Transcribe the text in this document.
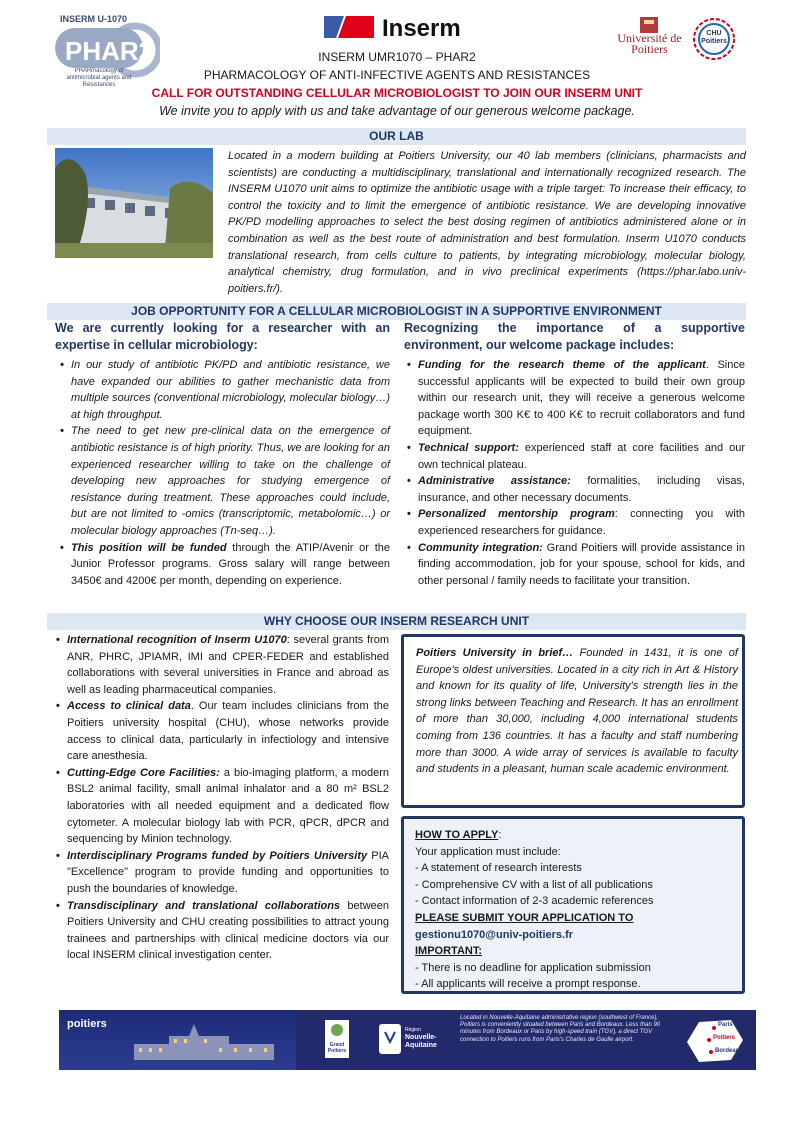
INSERM U-1070
PHAR2
PHARmacology of antimicrobial agents and Resistances
Inserm	Université de Poitiers
CHU Poitiers
INSERM UMR1070 – PHAR2
PHARMACOLOGY OF ANTI-INFECTIVE AGENTS AND RESISTANCES
CALL FOR OUTSTANDING CELLULAR MICROBIOLOGIST TO JOIN OUR INSERM UNIT
We invite you to apply with us and take advantage of our generous welcome package.
OUR LAB
Located in a modern building at Poitiers University, our 40 lab members (clinicians, pharmacists and scientists) are conducting a multidisciplinary, translational and internationally recognized research. The INSERM U1070 unit aims to optimize the antibiotic usage with a triple target: To increase their efficacy, to control the toxicity and to limit the emergence of antibiotic resistance. We are developing innovative PK/PD modelling approaches to select the best dosing regimen of antibiotics administered alone or in combination as well as the best route of administration and best formulation. Inserm U1070 conducts translational research, from cells culture to patients, by integrating microbiology, molecular biology, analytical chemistry, drug formulation, and in vivo preclinical experiments (https://phar.labo.univ-poitiers.fr/).
JOB OPPORTUNITY FOR A CELLULAR MICROBIOLOGIST IN A SUPPORTIVE ENVIRONMENT
We are currently looking for a researcher with an expertise in cellular microbiology:
• In our study of antibiotic PK/PD and antibiotic resistance, we have expanded our abilities to gather mechanistic data from multiple sources (conventional microbiology, molecular biology…) at high throughput.
• The need to get new pre-clinical data on the emergence of antibiotic resistance is of high priority. Thus, we are looking for an experienced researcher willing to take on the challenge of developing new approaches for studying emergence of resistance during treatment. These approaches could include, but are not limited to -omics (transcriptomic, metabolomic…) or molecular biology approaches (Tn-seq…).
• This position will be funded through the ATIP/Avenir or the Junior Professor programs. Gross salary will range between 3450€ and 4200€ per month, depending on experience.
Recognizing the importance of a supportive environment, our welcome package includes:
• Funding for the research theme of the applicant. Since successful applicants will be expected to build their own group within our research unit, they will receive a generous welcome package worth 300 K€ to 400 K€ to recruit collaborators and fund equipment.
• Technical support: experienced staff at core facilities and our own technical plateau.
• Administrative assistance: formalities, including visas, insurance, and other necessary documents.
• Personalized mentorship program: connecting you with experienced researchers for guidance.
• Community integration: Grand Poitiers will provide assistance in finding accommodation, job for your spouse, school for kids, and other personal / family needs to facilitate your transition.
WHY CHOOSE OUR INSERM RESEARCH UNIT
• International recognition of Inserm U1070: several grants from ANR, PHRC, JPIAMR, IMI and CPER-FEDER and established collaborations with several universities in France and abroad as well as leading pharmaceutical companies.
• Access to clinical data. Our team includes clinicians from the Poitiers university hospital (CHU), whose networks provide access to clinical data, particularly in infectiology and intensive care anesthesia.
• Cutting-Edge Core Facilities: a bio-imaging platform, a modern BSL2 animal facility, small animal inhalator and a 80 m² BSL2 laboratories with all needed equipment and a dedicated flow cytometer. A molecular biology lab with PCR, qPCR, dPCR and sequencing by Minion technology.
• Interdisciplinary Programs funded by Poitiers University PIA "Excellence" program to provide funding and opportunities to push the boundaries of knowledge.
• Transdisciplinary and translational collaborations between Poitiers University and CHU creating possibilities to attract young trainees and partnerships with clinical medicine doctors via our local INSERM clinical investigation center.
Poitiers University in brief… Founded in 1431, it is one of Europe's oldest universities. Located in a city rich in Art & History and known for its quality of life, University's strength lies in the strong links between Teaching and Research. It has an enrollment of more than 30,000, including 4,000 international students coming from 136 countries. It has a faculty and staff numbering more than 3000. A wide array of services is available to faculty and students in a pleasant, human scale academic environment.
HOW TO APPLY:
Your application must include:
- A statement of research interests
- Comprehensive CV with a list of all publications
- Contact information of 2-3 academic references
PLEASE SUBMIT YOUR APPLICATION TO
gestionu1070@univ-poitiers.fr
IMPORTANT:
- There is no deadline for application submission
- All applicants will receive a prompt response.
poitiers
Grand Poitiers
Région
Nouvelle-Aquitaine
Located in Nouvelle-Aquitaine administrative region (southwest of France), Poitiers is conveniently situated between Paris and Bordeaux. Less than 90 minutes from Bordeaux or Paris by high-speed train (TGV), a direct TGV connection to Poitiers runs from Paris's Charles de Gaulle airport.
Paris
Poitiers
Bordeaux
